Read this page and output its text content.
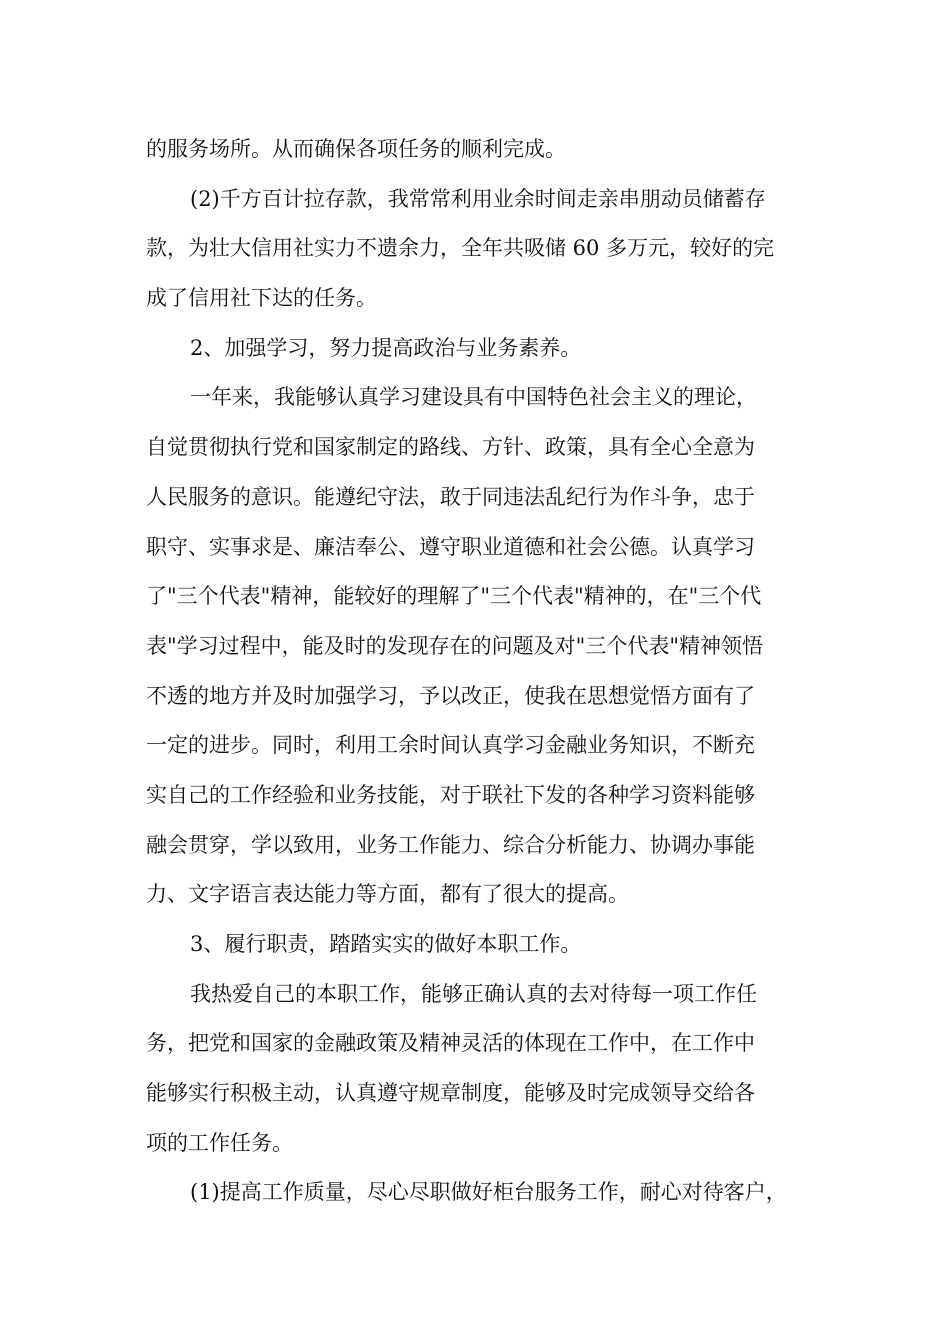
的服务场所。从而确保各项任务的顺利完成。
(2)千方百计拉存款，我常常利用业余时间走亲串朋动员储蓄存
款，为壮大信用社实力不遗余力，全年共吸储 60 多万元，较好的完
成了信用社下达的任务。
2、加强学习，努力提高政治与业务素养。
一年来，我能够认真学习建设具有中国特色社会主义的理论，
自觉贯彻执行党和国家制定的路线、方针、政策，具有全心全意为
人民服务的意识。能遵纪守法，敢于同违法乱纪行为作斗争，忠于
职守、实事求是、廉洁奉公、遵守职业道德和社会公德。认真学习
了"三个代表"精神，能较好的理解了"三个代表"精神的，在"三个代
表"学习过程中，能及时的发现存在的问题及对"三个代表"精神领悟
不透的地方并及时加强学习，予以改正，使我在思想觉悟方面有了
一定的进步。同时，利用工余时间认真学习金融业务知识，不断充
实自己的工作经验和业务技能，对于联社下发的各种学习资料能够
融会贯穿，学以致用，业务工作能力、综合分析能力、协调办事能
力、文字语言表达能力等方面，都有了很大的提高。
3、履行职责，踏踏实实的做好本职工作。
我热爱自己的本职工作，能够正确认真的去对待每一项工作任
务，把党和国家的金融政策及精神灵活的体现在工作中，在工作中
能够实行积极主动，认真遵守规章制度，能够及时完成领导交给各
项的工作任务。
(1)提高工作质量，尽心尽职做好柜台服务工作，耐心对待客户，
